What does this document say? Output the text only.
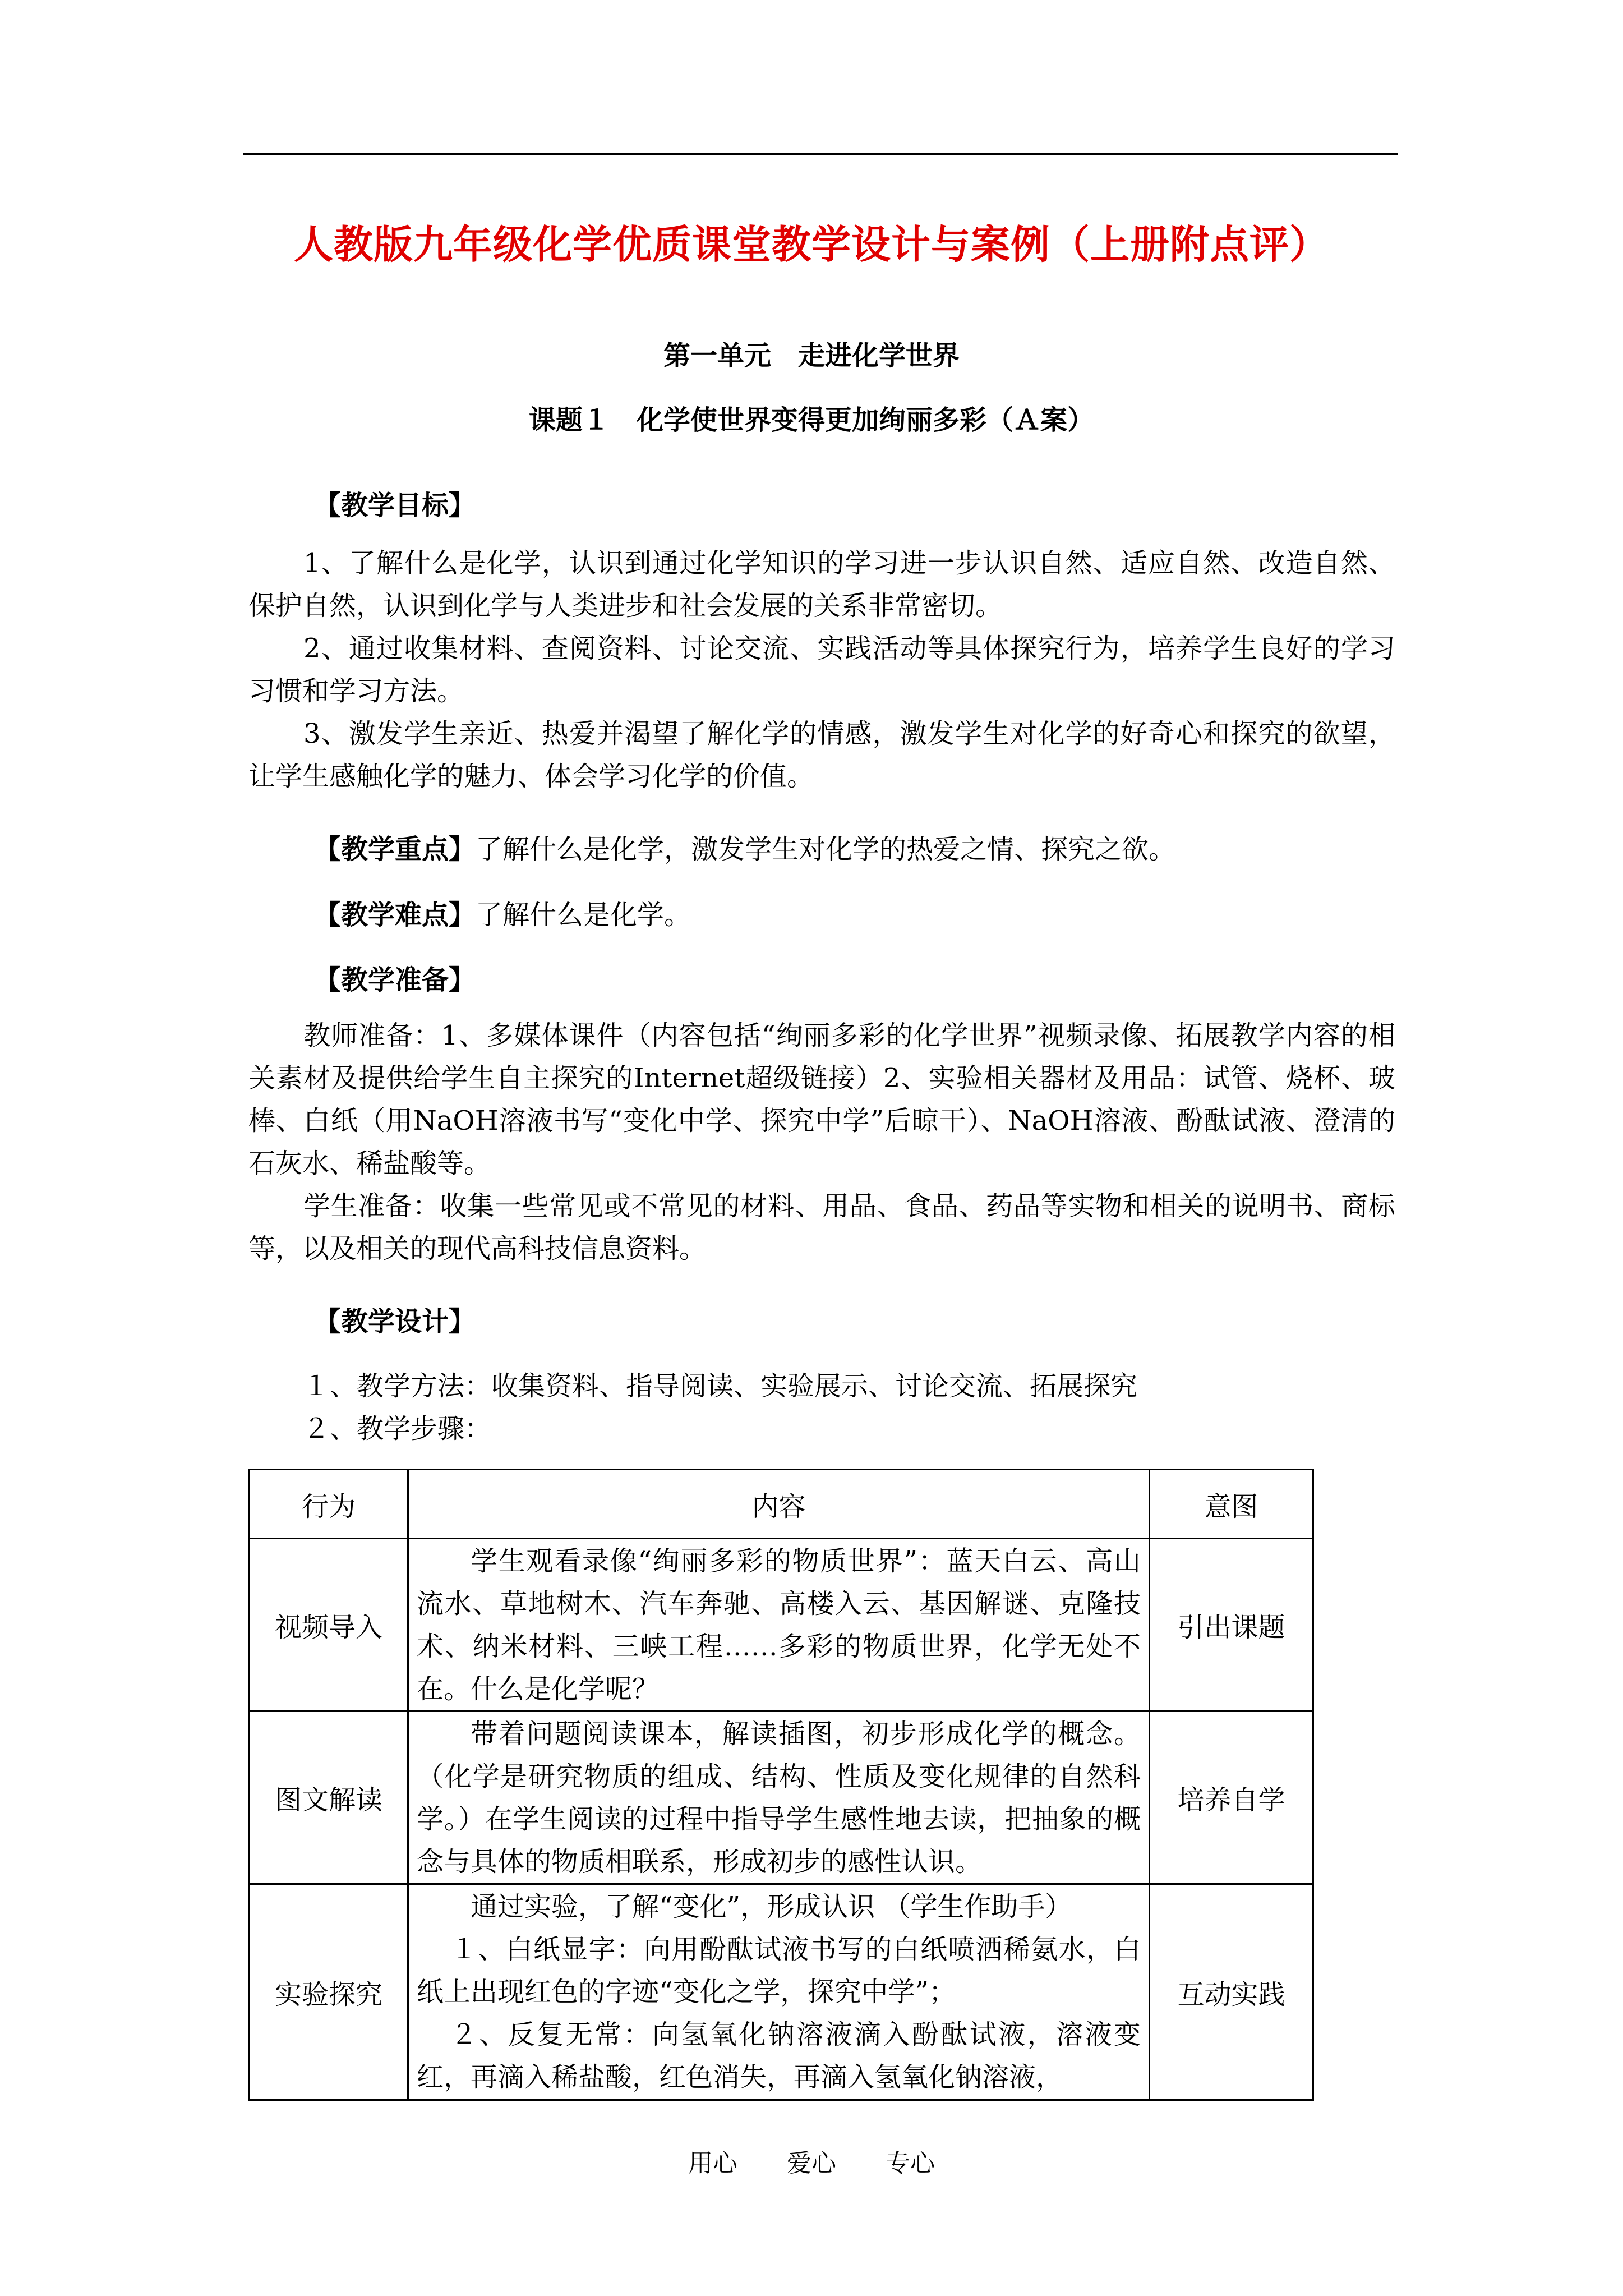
人教版九年级化学优质课堂教学设计与案例（上册附点评）
第一单元　走进化学世界
课题１　化学使世界变得更加绚丽多彩（Ａ案）
【教学目标】
1、了解什么是化学，认识到通过化学知识的学习进一步认识自然、适应自然、改造自然、保护自然，认识到化学与人类进步和社会发展的关系非常密切。
2、通过收集材料、查阅资料、讨论交流、实践活动等具体探究行为，培养学生良好的学习习惯和学习方法。
3、激发学生亲近、热爱并渴望了解化学的情感，激发学生对化学的好奇心和探究的欲望，让学生感触化学的魅力、体会学习化学的价值。
【教学重点】了解什么是化学，激发学生对化学的热爱之情、探究之欲。
【教学难点】了解什么是化学。
【教学准备】
教师准备：1、多媒体课件（内容包括“绚丽多彩的化学世界”视频录像、拓展教学内容的相关素材及提供给学生自主探究的Internet超级链接）2、实验相关器材及用品：试管、烧杯、玻棒、白纸（用NaOH溶液书写“变化中学、探究中学”后晾干）、NaOH溶液、酚酞试液、澄清的石灰水、稀盐酸等。
学生准备：收集一些常见或不常见的材料、用品、食品、药品等实物和相关的说明书、商标等，以及相关的现代高科技信息资料。
【教学设计】
１、教学方法：收集资料、指导阅读、实验展示、讨论交流、拓展探究
２、教学步骤：
行为	内容	意图
视频导入	学生观看录像“绚丽多彩的物质世界”：蓝天白云、高山流水、草地树木、汽车奔驰、高楼入云、基因解谜、克隆技术、纳米材料、三峡工程……多彩的物质世界，化学无处不在。什么是化学呢？	引出课题
图文解读	带着问题阅读课本，解读插图，初步形成化学的概念。（化学是研究物质的组成、结构、性质及变化规律的自然科学。）在学生阅读的过程中指导学生感性地去读，把抽象的概念与具体的物质相联系，形成初步的感性认识。	培养自学
实验探究	通过实验，了解“变化”，形成认识 （学生作助手）
１、白纸显字：向用酚酞试液书写的白纸喷洒稀氨水，白纸上出现红色的字迹“变化之学，探究中学”；
２、反复无常：向氢氧化钠溶液滴入酚酞试液，溶液变红，再滴入稀盐酸，红色消失，再滴入氢氧化钠溶液，	互动实践
用心　　爱心　　专心
